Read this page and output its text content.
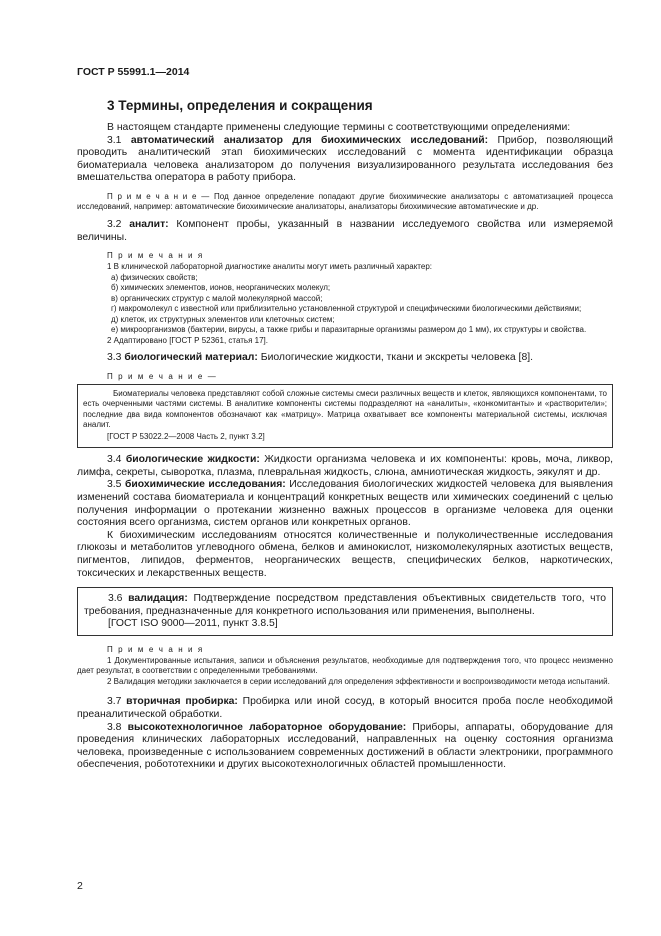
ГОСТ Р 55991.1—2014
3 Термины, определения и сокращения

В настоящем стандарте применены следующие термины с соответствующими определениями:

3.1 автоматический анализатор для биохимических исследований: Прибор, позволяющий проводить аналитический этап биохимических исследований с момента идентификации образца биоматериала человека анализатором до получения визуализированного результата исследования без вмешательства оператора в работу прибора.

П р и м е ч а н и е — Под данное определение попадают другие биохимические анализаторы с автоматизацией процесса исследований, например: автоматические биохимические анализаторы, анализаторы биохимические автоматические и др.

3.2 аналит: Компонент пробы, указанный в названии исследуемого свойства или измеряемой величины.

П р и м е ч а н и я
1 В клинической лабораторной диагностике аналиты могут иметь различный характер:
а) физических свойств;
б) химических элементов, ионов, неорганических молекул;
в) органических структур с малой молекулярной массой;
г) макромолекул с известной или приблизительно установленной структурой и специфическими биологическими действиями;
д) клеток, их структурных элементов или клеточных систем;
е) микроорганизмов (бактерии, вирусы, а также грибы и паразитарные организмы размером до 1 мм), их структуры и свойства.
2 Адаптировано [ГОСТ Р 52361, статья 17].

3.3 биологический материал: Биологические жидкости, ткани и экскреты человека [8].

П р и м е ч а н и е —

Биоматериалы человека представляют собой сложные системы смеси различных веществ и клеток, являющихся компонентами, то есть очерченными частями системы. В аналитике компоненты системы подразделяют на «аналиты», «конкомитанты» и «растворители»; последние два вида компонентов обозначают как «матрицу». Матрица охватывает все компоненты материальной системы, исключая аналит.

[ГОСТ Р 53022.2—2008 Часть 2, пункт 3.2]

3.4 биологические жидкости: Жидкости организма человека и их компоненты: кровь, моча, ликвор, лимфа, секреты, сыворотка, плазма, плевральная жидкость, слюна, амниотическая жидкость, эякулят и др.

3.5 биохимические исследования: Исследования биологических жидкостей человека для выявления изменений состава биоматериала и концентраций конкретных веществ или химических соединений с целью получения информации о протекании жизненно важных процессов в организме человека для оценки состояния всего организма, систем органов или конкретных органов.

К биохимическим исследованиям относятся количественные и полуколичественные исследования глюкозы и метаболитов углеводного обмена, белков и аминокислот, низкомолекулярных азотистых веществ, пигментов, липидов, ферментов, неорганических веществ, специфических белков, наркотических, токсических и лекарственных веществ.

3.6 валидация: Подтверждение посредством представления объективных свидетельств того, что требования, предназначенные для конкретного использования или применения, выполнены.

[ГОСТ ISO 9000—2011, пункт 3.8.5]
П р и м е ч а н и я

1 Документированные испытания, записи и объяснения результатов, необходимые для подтверждения того, что процесс неизменно дает результат, в соответствии с определенными требованиями.

2 Валидация методики заключается в серии исследований для определения эффективности и воспроизводимости метода испытаний.

3.7 вторичная пробирка: Пробирка или иной сосуд, в который вносится проба после необходимой преаналитической обработки.

3.8 высокотехнологичное лабораторное оборудование: Приборы, аппараты, оборудование для проведения клинических лабораторных исследований, направленных на оценку состояния организма человека, произведенные с использованием современных достижений в области электроники, программного обеспечения, робототехники и других высокотехнологичных областей промышленности.

2
